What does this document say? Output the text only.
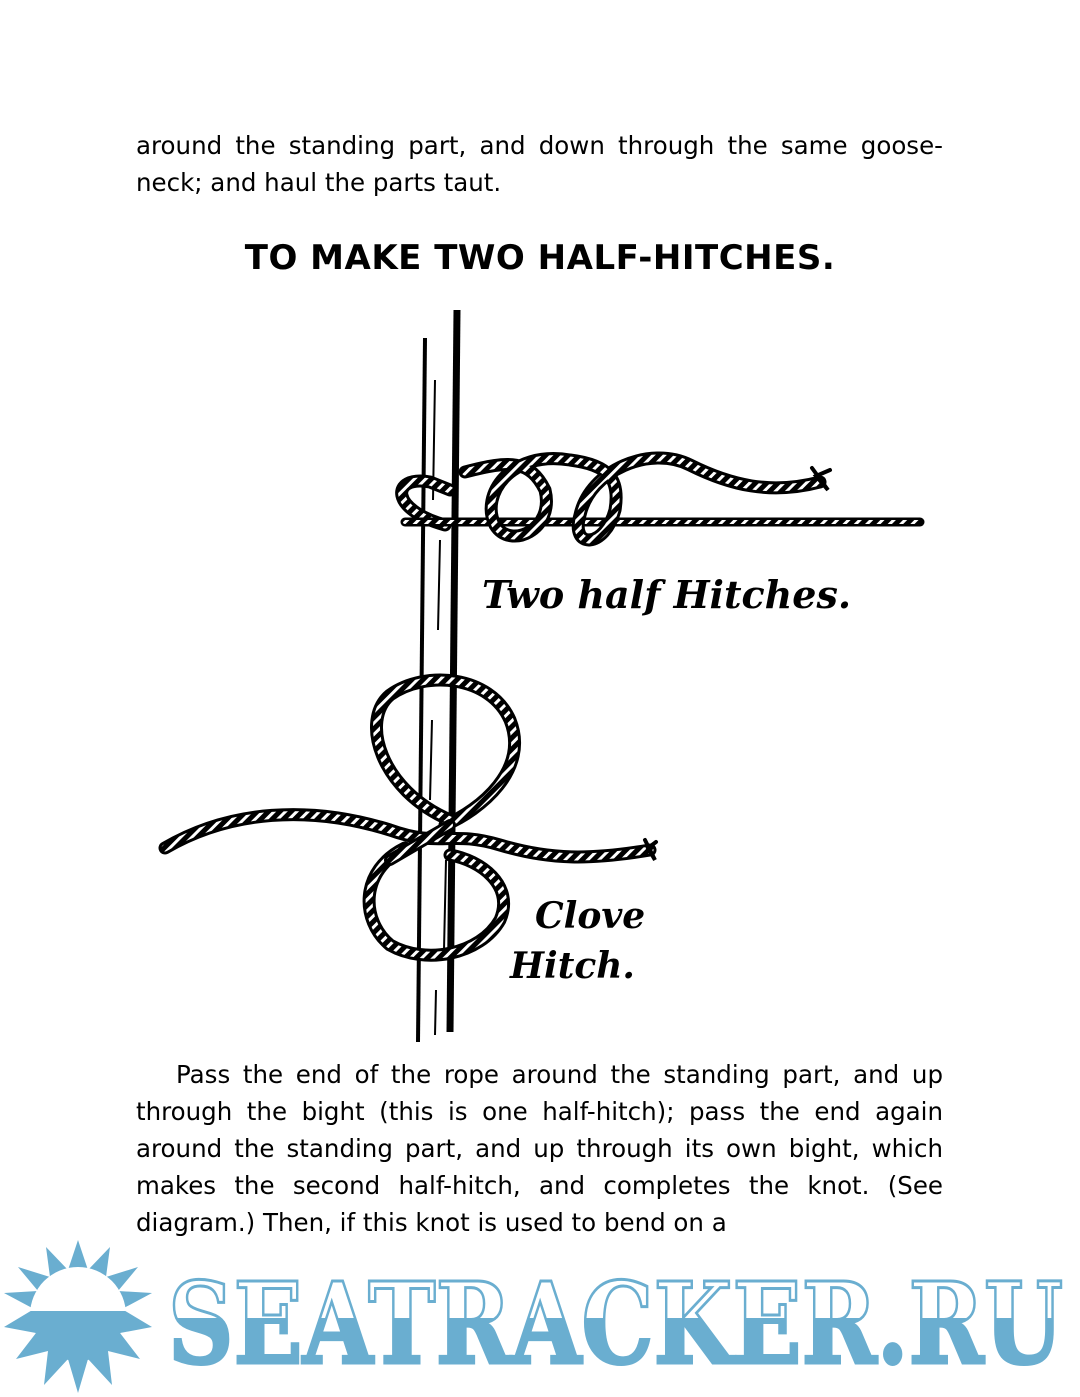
around the standing part, and down through the same goose-neck; and haul the parts taut.

TO MAKE TWO HALF-HITCHES.
Two half Hitches.
Clove
Hitch.

Pass the end of the rope around the standing part, and up through the bight (this is one half-hitch); pass the end again around the standing part, and up through its own bight, which makes the second half-hitch, and completes the knot. (See diagram.) Then, if this knot is used to bend on a

SEATRACKER.RU
